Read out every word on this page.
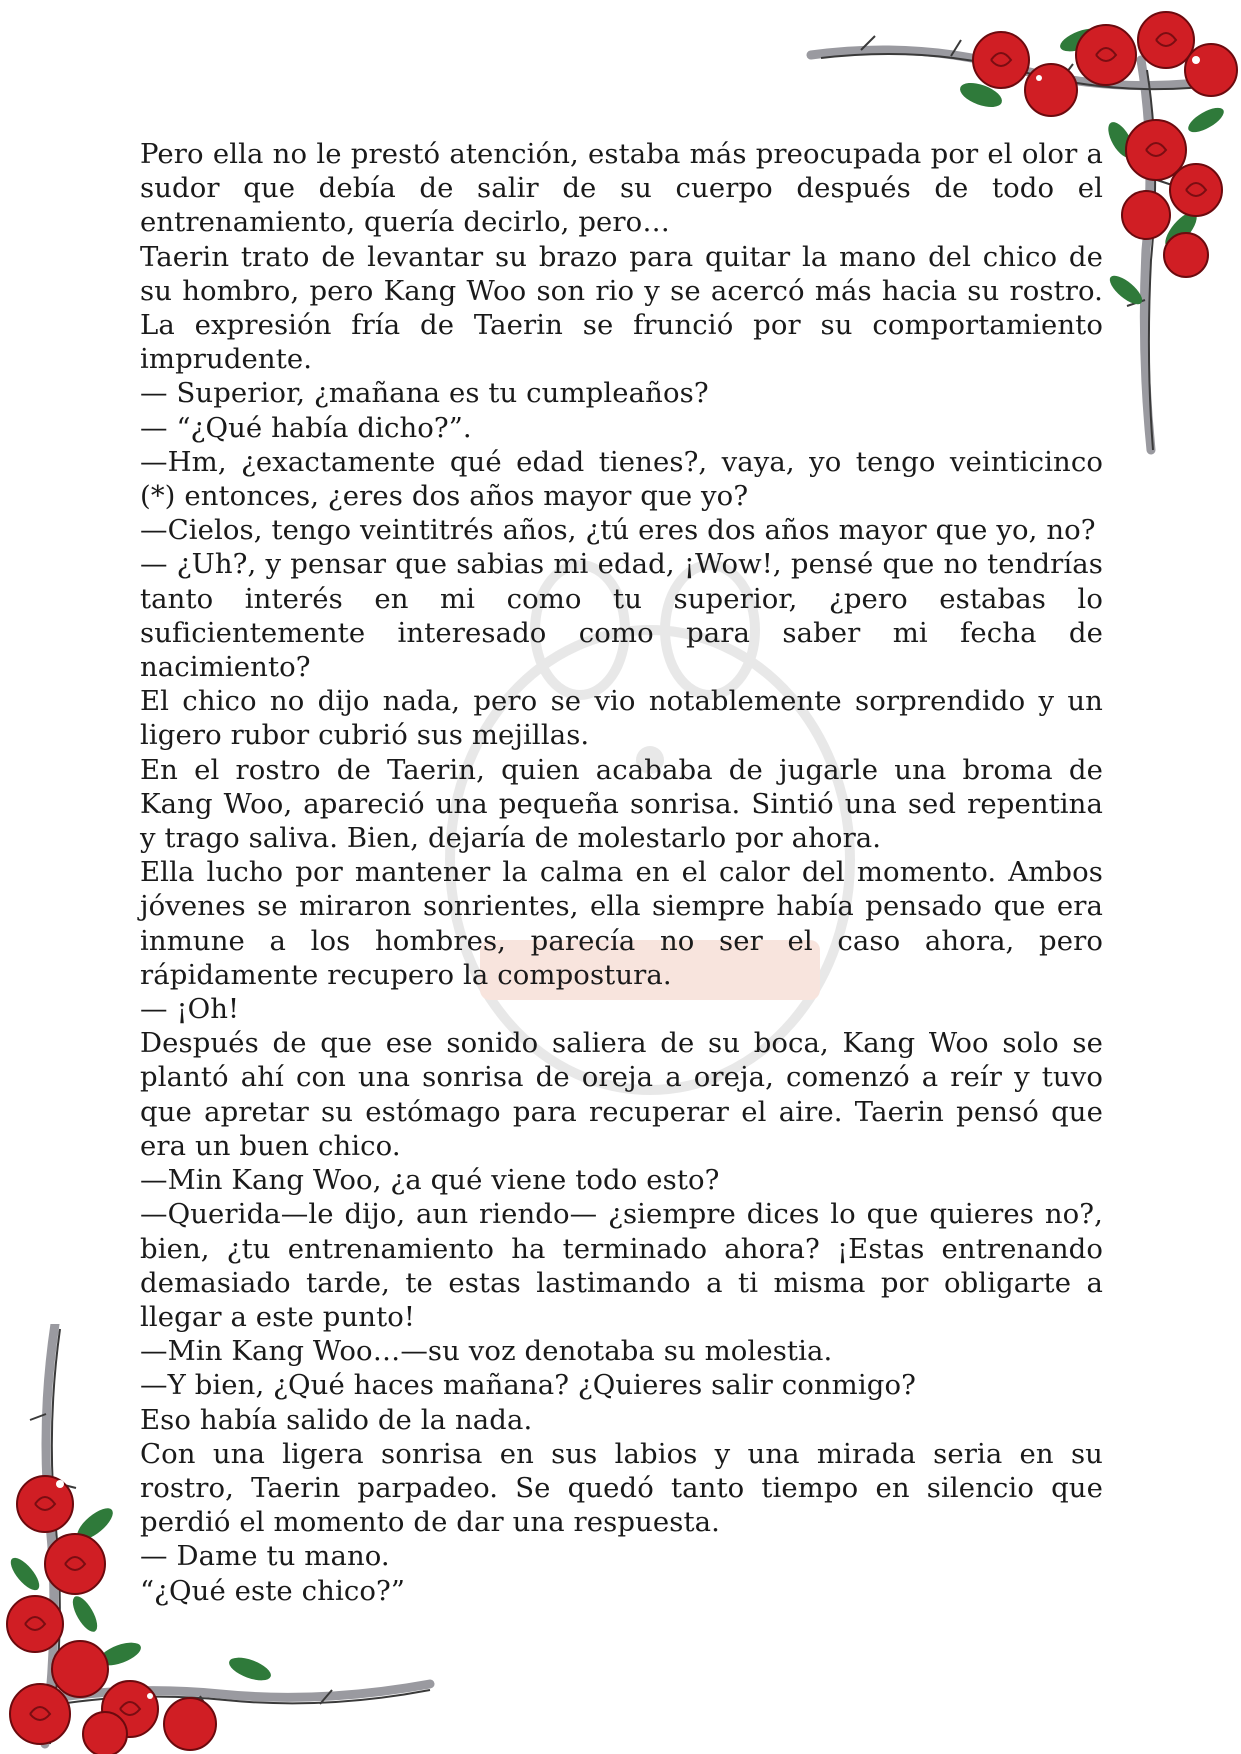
Pero ella no le prestó atención, estaba más preocupada por el olor a sudor que debía de salir de su cuerpo después de todo el entrenamiento, quería decirlo, pero…

Taerin trato de levantar su brazo para quitar la mano del chico de su hombro, pero Kang Woo son rio y se acercó más hacia su rostro. La expresión fría de Taerin se frunció por su comportamiento imprudente.

— Superior, ¿mañana es tu cumpleaños?

— “¿Qué había dicho?”.

—Hm, ¿exactamente qué edad tienes?, vaya, yo tengo veinticinco (*) entonces, ¿eres dos años mayor que yo?

—Cielos, tengo veintitrés años, ¿tú eres dos años mayor que yo, no?

— ¿Uh?, y pensar que sabias mi edad, ¡Wow!, pensé que no tendrías tanto interés en mi como tu superior, ¿pero estabas lo suficientemente interesado como para saber mi fecha de nacimiento?

El chico no dijo nada, pero se vio notablemente sorprendido y un ligero rubor cubrió sus mejillas.

En el rostro de Taerin, quien acababa de jugarle una broma de Kang Woo, apareció una pequeña sonrisa. Sintió una sed repentina y trago saliva. Bien, dejaría de molestarlo por ahora.

Ella lucho por mantener la calma en el calor del momento. Ambos jóvenes se miraron sonrientes, ella siempre había pensado que era inmune a los hombres, parecía no ser el caso ahora, pero rápidamente recupero la compostura.

— ¡Oh!

Después de que ese sonido saliera de su boca, Kang Woo solo se plantó ahí con una sonrisa de oreja a oreja, comenzó a reír y tuvo que apretar su estómago para recuperar el aire. Taerin pensó que era un buen chico.

—Min Kang Woo, ¿a qué viene todo esto?

—Querida—le dijo, aun riendo— ¿siempre dices lo que quieres no?, bien, ¿tu entrenamiento ha terminado ahora? ¡Estas entrenando demasiado tarde, te estas lastimando a ti misma por obligarte a llegar a este punto!

—Min Kang Woo…—su voz denotaba su molestia.

—Y bien, ¿Qué haces mañana? ¿Quieres salir conmigo?

Eso había salido de la nada.

Con una ligera sonrisa en sus labios y una mirada seria en su rostro, Taerin parpadeo. Se quedó tanto tiempo en silencio que perdió el momento de dar una respuesta.

— Dame tu mano.

“¿Qué este chico?”
